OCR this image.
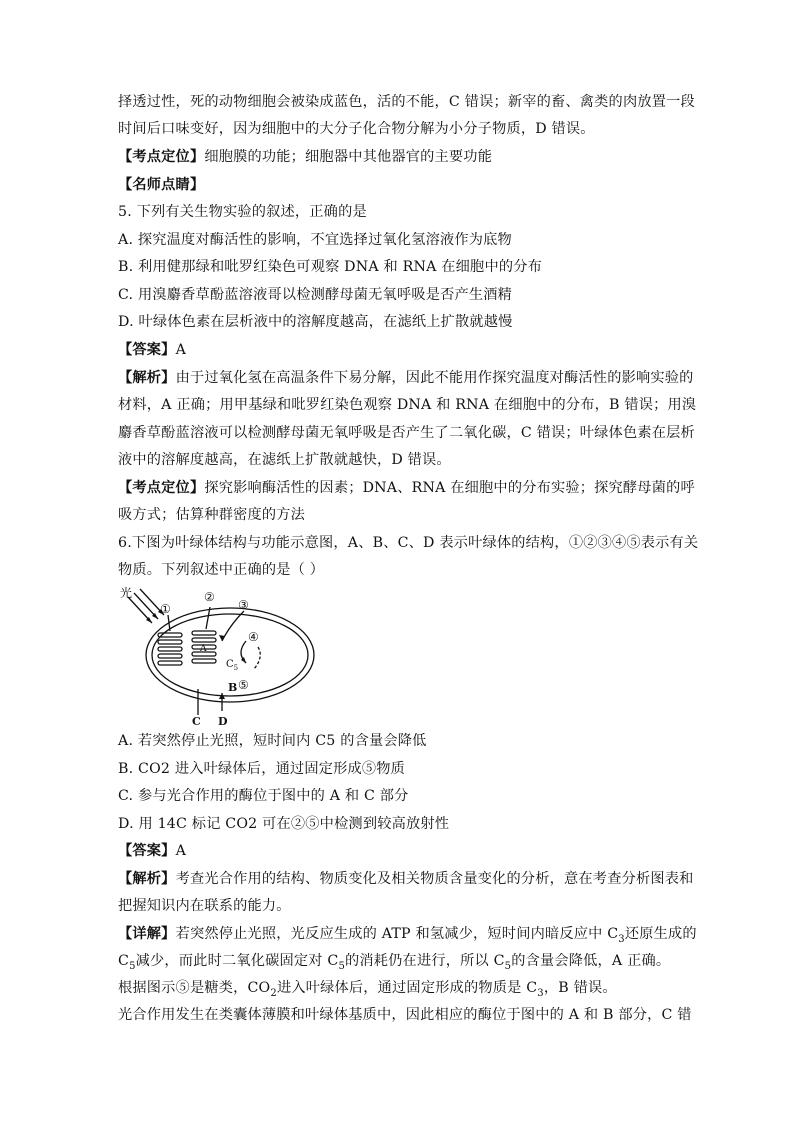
择透过性，死的动物细胞会被染成蓝色，活的不能，C 错误；新宰的畜、禽类的肉放置一段
时间后口味变好，因为细胞中的大分子化合物分解为小分子物质，D 错误。
【考点定位】细胞膜的功能；细胞器中其他器官的主要功能
【名师点睛】
5. 下列有关生物实验的叙述，正确的是
A. 探究温度对酶活性的影响，不宜选择过氧化氢溶液作为底物
B. 利用健那绿和吡罗红染色可观察 DNA 和 RNA 在细胞中的分布
C. 用溴麝香草酚蓝溶液哥以检测酵母菌无氧呼吸是否产生酒精
D. 叶绿体色素在层析液中的溶解度越高，在滤纸上扩散就越慢
【答案】A
【解析】由于过氧化氢在高温条件下易分解，因此不能用作探究温度对酶活性的影响实验的
材料，A 正确；用甲基绿和吡罗红染色观察 DNA 和 RNA 在细胞中的分布，B 错误；用溴
麝香草酚蓝溶液可以检测酵母菌无氧呼吸是否产生了二氧化碳，C 错误；叶绿体色素在层析
液中的溶解度越高，在滤纸上扩散就越快，D 错误。
【考点定位】探究影响酶活性的因素；DNA、RNA 在细胞中的分布实验；探究酵母菌的呼
吸方式；估算种群密度的方法
6.下图为叶绿体结构与功能示意图，A、B、C、D 表示叶绿体的结构，①②③④⑤表示有关
物质。下列叙述中正确的是（ ）
光
①
②
③
④
⑤
A
B
C D
$C_5$
A. 若突然停止光照，短时间内 C5 的含量会降低
B. CO2 进入叶绿体后，通过固定形成⑤物质
C. 参与光合作用的酶位于图中的 A 和 C 部分
D. 用 14C 标记 CO2 可在②⑤中检测到较高放射性
【答案】A
【解析】考查光合作用的结构、物质变化及相关物质含量变化的分析，意在考查分析图表和
把握知识内在联系的能力。
【详解】若突然停止光照，光反应生成的 ATP 和氢减少，短时间内暗反应中 $C_3$还原生成的
$C_5$减少，而此时二氧化碳固定对 $C_5$的消耗仍在进行，所以 $C_5$的含量会降低，A 正确。
根据图示⑤是糖类，$CO_2$进入叶绿体后，通过固定形成的物质是 $C_3$，B 错误。
光合作用发生在类囊体薄膜和叶绿体基质中，因此相应的酶位于图中的 A 和 B 部分，C 错
